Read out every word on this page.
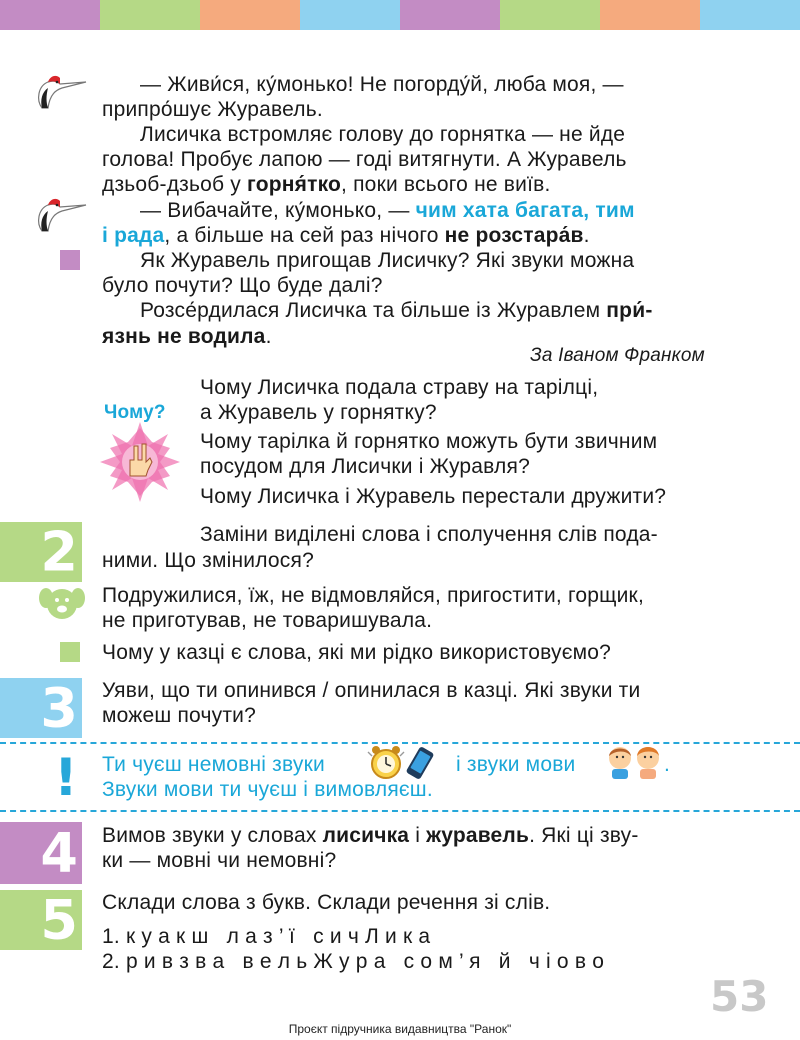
— Живи́ся, ку́монько! Не погорду́й, люба моя, —
припро́шує Журавель.
Лисичка встромляє голову до горнятка — не йде
голова! Пробує лапою — годі витягнути. А Журавель
дзьоб-дзьоб у горня́тко, поки всього не виїв.
— Вибачайте, ку́монько, — чим хата багата, тим
і рада, а більше на сей раз нічого не розстара́в.
Як Журавель пригощав Лисичку? Які звуки можна
було почути? Що буде далі?
Розсе́рдилася Лисичка та більше із Журавлем при́-
язнь не водила.
За Іваном Франком
Чому?
Чому Лисичка подала страву на тарілці,
а Журавель у горнятку?
Чому тарілка й горнятко можуть бути звичним
посудом для Лисички і Журавля?
Чому Лисичка і Журавель перестали дружити?
2	Заміни виділені слова і сполучення слів пода-
ними. Що змінилося?
Подружилися, їж, не відмовляйся, пригостити, горщик,
не приготував, не товаришувала.
Чому у казці є слова, які ми рідко використовуємо?
3 Уяви, що ти опинився / опинилася в казці. Які звуки ти
можеш почути?
! Ти чуєш немовні звуки	і звуки мови	.
Звуки мови ти чуєш і вимовляєш.
4 Вимов звуки у словах лисичка і журавель. Які ці зву-
ки — мовні чи немовні?
5 Склади слова з букв. Склади речення зі слів.
1. к у а к ш   л а з ’ ї   с и ч Л и к а
2. р и в з в а   в е л ь Ж у р а   с о м ’ я   й   ч і о в о
53
Проєкт підручника видавництва "Ранок"
